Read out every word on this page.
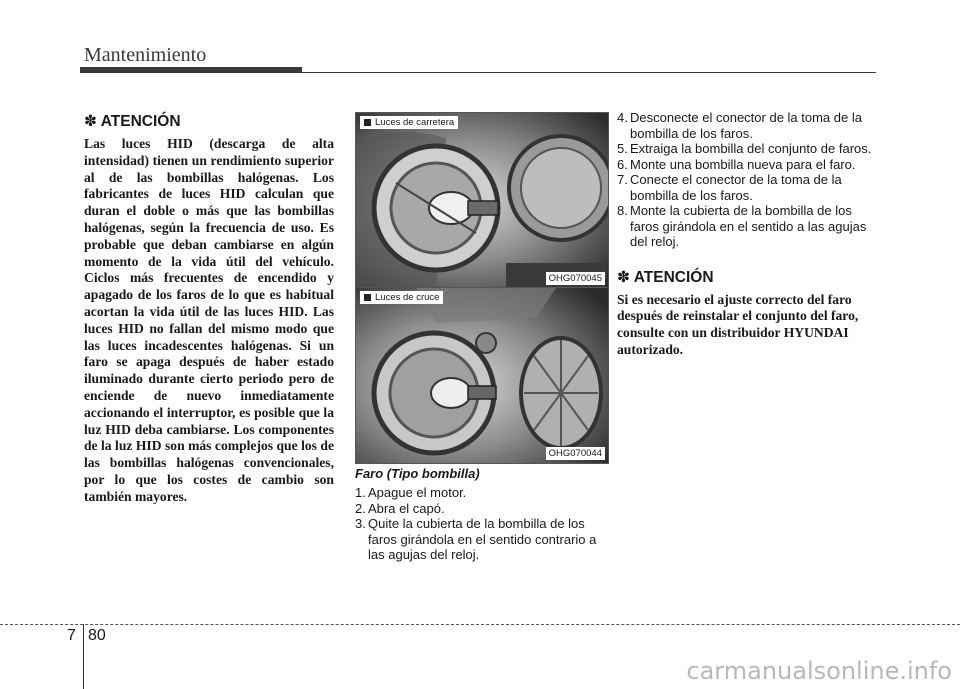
Mantenimiento
✽ ATENCIÓN

Las luces HID (descarga de alta intensidad) tienen un rendimiento superior al de las bombillas halógenas. Los fabricantes de luces HID calculan que duran el doble o más que las bombillas halógenas, según la frecuencia de uso. Es probable que deban cambiarse en algún momento de la vida útil del vehículo. Ciclos más frecuentes de encendido y apagado de los faros de lo que es habitual acortan la vida útil de las luces HID. Las luces HID no fallan del mismo modo que las luces incadescentes halógenas. Si un faro se apaga después de haber estado iluminado durante cierto periodo pero de enciende de nuevo inmediatamente accionando el interruptor, es posible que la luz HID deba cambiarse. Los componentes de la luz HID son más complejos que los de las bombillas halógenas convencionales, por lo que los costes de cambio son también mayores.

Luces de carretera
OHG070045
Luces de cruce
OHG070044
Faro (Tipo bombilla)
1. Apague el motor.
2. Abra el capó.
3. Quite la cubierta de la bombilla de los faros girándola en el sentido contrario a las agujas del reloj.
4. Desconecte el conector de la toma de la bombilla de los faros.
5. Extraiga la bombilla del conjunto de faros.
6. Monte una bombilla nueva para el faro.
7. Conecte el conector de la toma de la bombilla de los faros.
8. Monte la cubierta de la bombilla de los faros girándola en el sentido a las agujas del reloj.
✽ ATENCIÓN

Si es necesario el ajuste correcto del faro después de reinstalar el conjunto del faro, consulte con un distribuidor HYUNDAI autorizado.

7 80
carmanualsonline.info
